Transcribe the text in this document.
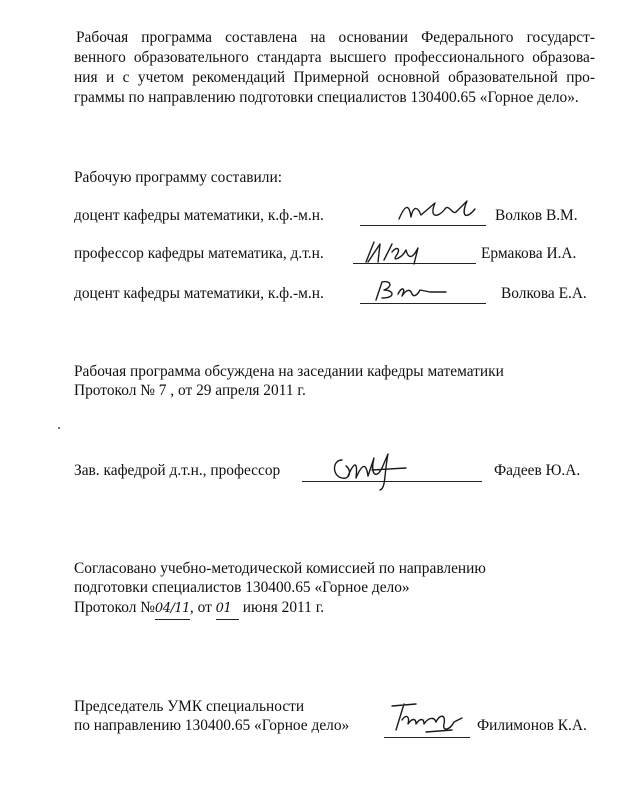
Рабочая программа составлена на основании Федерального государст-
венного образовательного стандарта высшего профессионального образова-
ния и с учетом рекомендаций Примерной основной образовательной про-
граммы по направлению подготовки специалистов 130400.65 «Горное дело».
Рабочую программу составили:
доцент кафедры математики, к.ф.-м.н.	Волков В.М.
профессор кафедры математика, д.т.н.	Ермакова И.А.
доцент кафедры математики, к.ф.-м.н.	Волкова Е.А.
Рабочая программа обсуждена на заседании кафедры математики
Протокол № 7 , от 29 апреля 2011 г.
Зав. кафедрой д.т.н., профессор	Фадеев Ю.А.
Согласовано учебно-методической комиссией по направлению
подготовки специалистов 130400.65 «Горное дело»
Протокол №04/11, от 01   июня 2011 г.
Председатель УМК специальности
по направлению 130400.65 «Горное дело»	Филимонов К.А.
